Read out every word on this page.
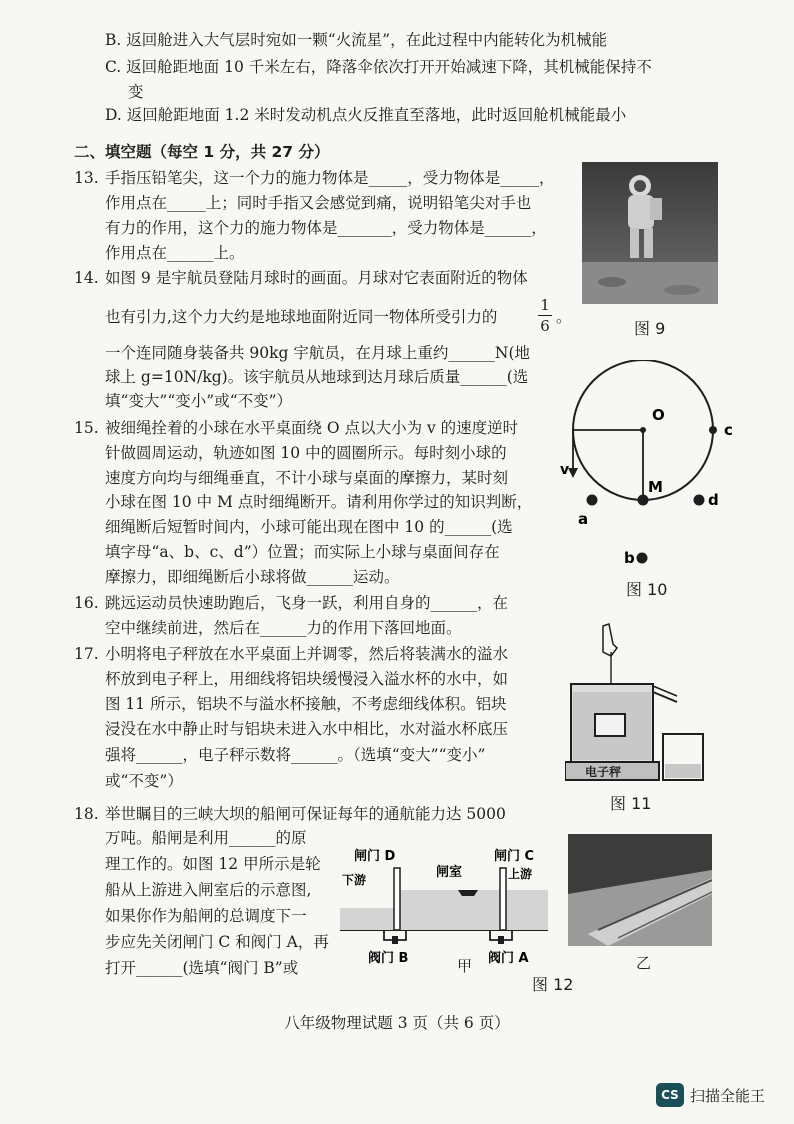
B. 返回舱进入大气层时宛如一颗“火流星”，在此过程中内能转化为机械能
C. 返回舱距地面 10 千米左右，降落伞依次打开开始减速下降，其机械能保持不
变
D. 返回舱距地面 1.2 米时发动机点火反推直至落地，此时返回舱机械能最小
二、填空题（每空 1 分，共 27 分）
13. 手指压铅笔尖，这一个力的施力物体是_____，受力物体是_____，
作用点在_____上；同时手指又会感觉到痛，说明铅笔尖对手也
有力的作用，这个力的施力物体是_______，受力物体是______，
作用点在______上。
14. 如图 9 是宇航员登陆月球时的画面。月球对它表面附近的物体
也有引力,这个力大约是地球地面附近同一物体所受引力的
1
6 。
一个连同随身装备共 90kg 宇航员，在月球上重约______N(地
球上 g=10N/kg)。该宇航员从地球到达月球后质量______(选
填“变大”“变小”或“不变”）
15. 被细绳拴着的小球在水平桌面绕 O 点以大小为 v 的速度逆时
针做圆周运动，轨迹如图 10 中的圆圈所示。每时刻小球的
速度方向均与细绳垂直，不计小球与桌面的摩擦力，某时刻
小球在图 10 中 M 点时细绳断开。请利用你学过的知识判断，
细绳断后短暂时间内，小球可能出现在图中 10 的______(选
填字母“a、b、c、d”）位置；而实际上小球与桌面间存在
摩擦力，即细绳断后小球将做______运动。
16. 跳远运动员快速助跑后，飞身一跃，利用自身的______，在
空中继续前进，然后在______力的作用下落回地面。
17. 小明将电子秤放在水平桌面上并调零，然后将装满水的溢水
杯放到电子秤上，用细线将铝块缓慢浸入溢水杯的水中，如
图 11 所示，铝块不与溢水杯接触，不考虑细线体积。铝块
浸没在水中静止时与铝块未进入水中相比，水对溢水杯底压
强将______，电子秤示数将______。（选填“变大”“变小”
或“不变”）
18. 举世瞩目的三峡大坝的船闸可保证每年的通航能力达 5000
万吨。船闸是利用______的原
理工作的。如图 12 甲所示是轮
船从上游进入闸室后的示意图,
如果你作为船闸的总调度下一
步应先关闭闸门 C 和阀门 A，再
打开______(选填“阀门 B”或
图 9
O
M
v
c
a
d
b
图 10
电子秤
图 11
闸门 D	闸门 C
闸室
下游	上游
阀门 B	阀门 A
甲	乙
图 12
八年级物理试题 3 页（共 6 页）
CS 扫描全能王
